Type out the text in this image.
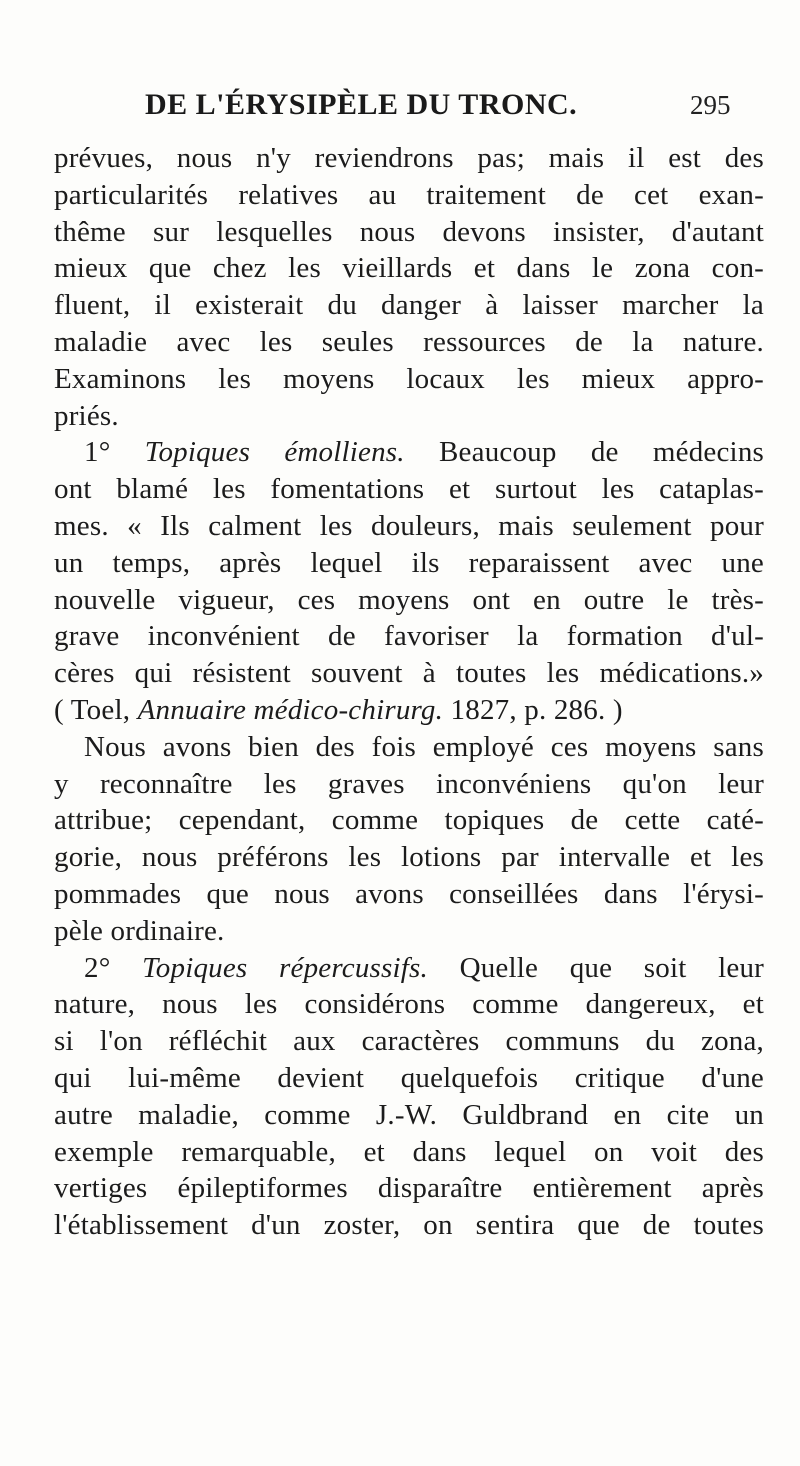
DE L'ÉRYSIPÈLE DU TRONC.	295
prévues, nous n'y reviendrons pas; mais il est des
particularités relatives au traitement de cet exan-
thême sur lesquelles nous devons insister, d'autant
mieux que chez les vieillards et dans le zona con-
fluent, il existerait du danger à laisser marcher la
maladie avec les seules ressources de la nature.
Examinons les moyens locaux les mieux appro-
priés.
1° Topiques émolliens. Beaucoup de médecins
ont blamé les fomentations et surtout les cataplas-
mes. « Ils calment les douleurs, mais seulement pour
un temps, après lequel ils reparaissent avec une
nouvelle vigueur, ces moyens ont en outre le très-
grave inconvénient de favoriser la formation d'ul-
cères qui résistent souvent à toutes les médications.»
( Toel, Annuaire médico-chirurg. 1827, p. 286. )
Nous avons bien des fois employé ces moyens sans
y reconnaître les graves inconvéniens qu'on leur
attribue; cependant, comme topiques de cette caté-
gorie, nous préférons les lotions par intervalle et les
pommades que nous avons conseillées dans l'érysi-
pèle ordinaire.
2° Topiques répercussifs. Quelle que soit leur
nature, nous les considérons comme dangereux, et
si l'on réfléchit aux caractères communs du zona,
qui lui-même devient quelquefois critique d'une
autre maladie, comme J.-W. Guldbrand en cite un
exemple remarquable, et dans lequel on voit des
vertiges épileptiformes disparaître entièrement après
l'établissement d'un zoster, on sentira que de toutes
